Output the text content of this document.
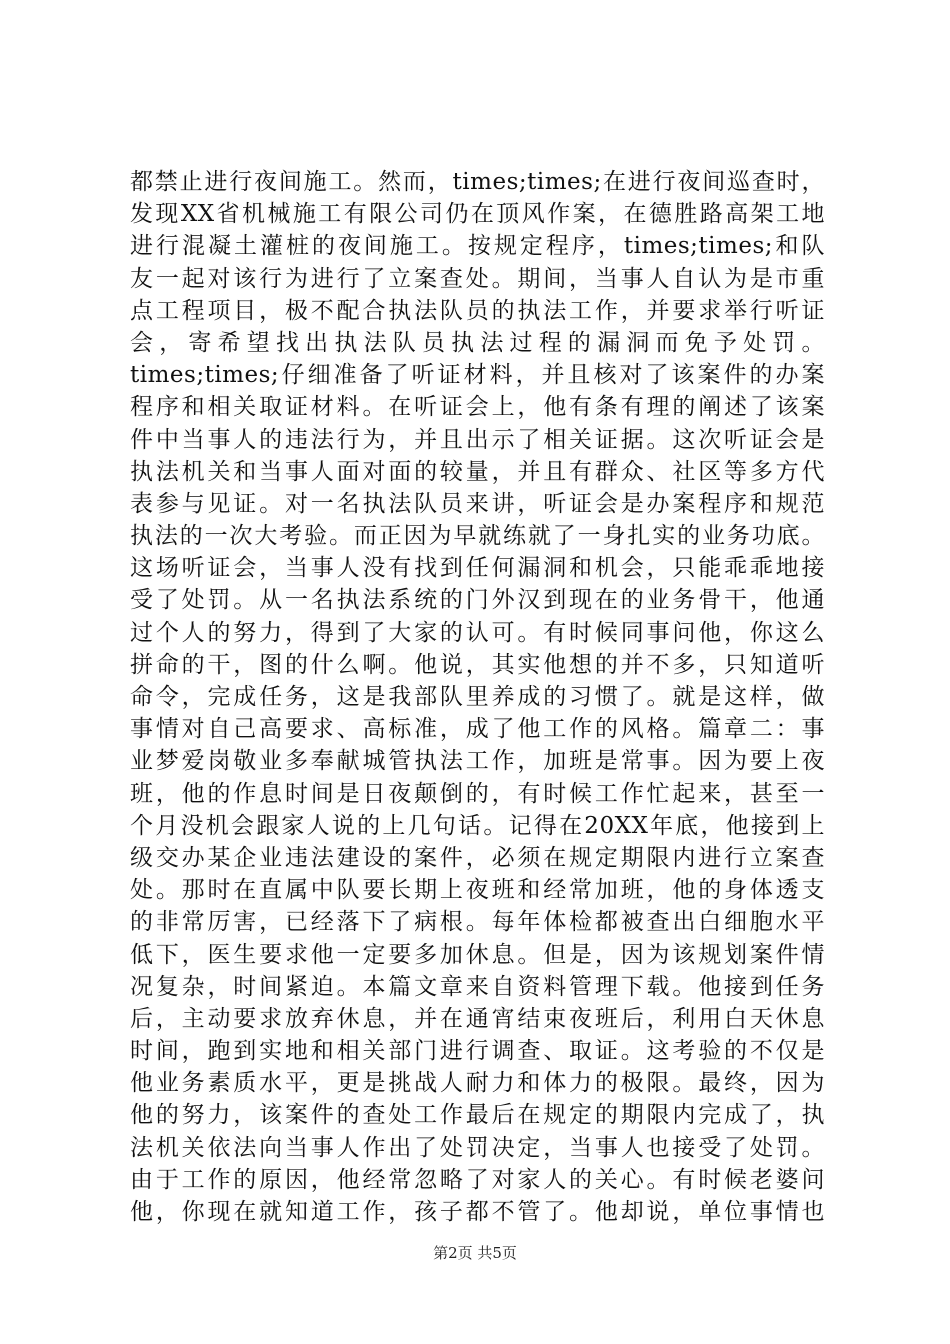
都禁止进行夜间施工。然而，times;times;在进行夜间巡查时，
发现XX省机械施工有限公司仍在顶风作案，在德胜路高架工地
进行混凝土灌桩的夜间施工。按规定程序，times;times;和队
友一起对该行为进行了立案查处。期间，当事人自认为是市重
点工程项目，极不配合执法队员的执法工作，并要求举行听证
会，寄希望找出执法队员执法过程的漏洞而免予处罚。
times;times;仔细准备了听证材料，并且核对了该案件的办案
程序和相关取证材料。在听证会上，他有条有理的阐述了该案
件中当事人的违法行为，并且出示了相关证据。这次听证会是
执法机关和当事人面对面的较量，并且有群众、社区等多方代
表参与见证。对一名执法队员来讲，听证会是办案程序和规范
执法的一次大考验。而正因为早就练就了一身扎实的业务功底。
这场听证会，当事人没有找到任何漏洞和机会，只能乖乖地接
受了处罚。从一名执法系统的门外汉到现在的业务骨干，他通
过个人的努力，得到了大家的认可。有时候同事问他，你这么
拼命的干，图的什么啊。他说，其实他想的并不多，只知道听
命令，完成任务，这是我部队里养成的习惯了。就是这样，做
事情对自己高要求、高标准，成了他工作的风格。篇章二：事
业梦爱岗敬业多奉献城管执法工作，加班是常事。因为要上夜
班，他的作息时间是日夜颠倒的，有时候工作忙起来，甚至一
个月没机会跟家人说的上几句话。记得在20XX年底，他接到上
级交办某企业违法建设的案件，必须在规定期限内进行立案查
处。那时在直属中队要长期上夜班和经常加班，他的身体透支
的非常厉害，已经落下了病根。每年体检都被查出白细胞水平
低下，医生要求他一定要多加休息。但是，因为该规划案件情
况复杂，时间紧迫。本篇文章来自资料管理下载。他接到任务
后，主动要求放弃休息，并在通宵结束夜班后，利用白天休息
时间，跑到实地和相关部门进行调查、取证。这考验的不仅是
他业务素质水平，更是挑战人耐力和体力的极限。最终，因为
他的努力，该案件的查处工作最后在规定的期限内完成了，执
法机关依法向当事人作出了处罚决定，当事人也接受了处罚。
由于工作的原因，他经常忽略了对家人的关心。有时候老婆问
他，你现在就知道工作，孩子都不管了。他却说，单位事情也
第2页 共5页
